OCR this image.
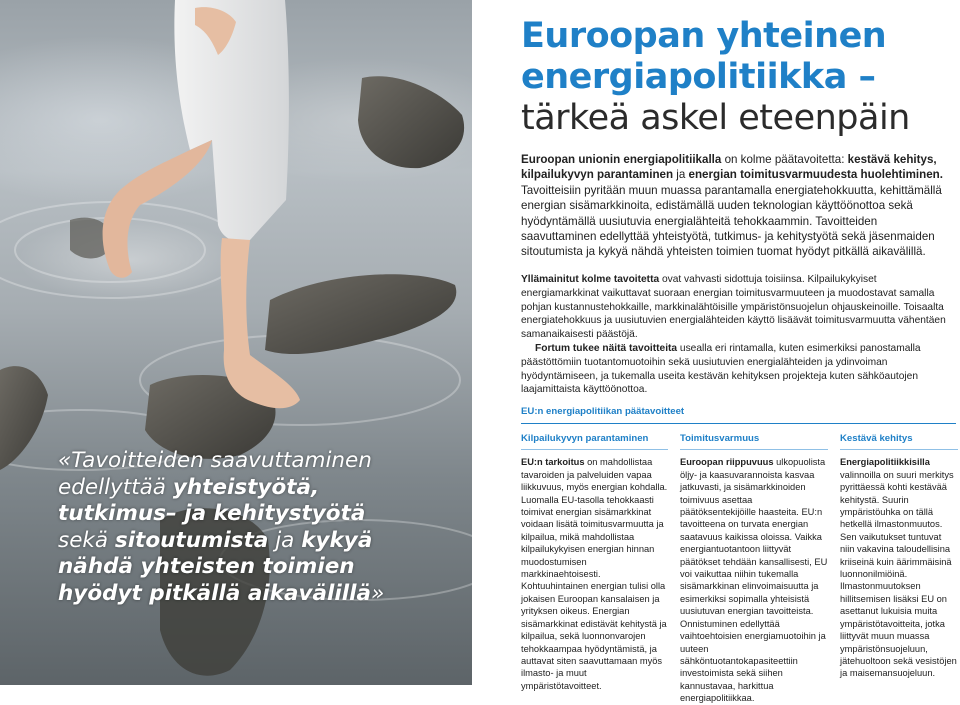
«Tavoitteiden saavuttaminen edellyttää yhteistyötä, tutkimus– ja kehitystyötä sekä sitoutumista ja kykyä nähdä yhteisten toimien hyödyt pitkällä aikavälillä»
Euroopan yhteinen
energiapolitiikka –
tärkeä askel eteenpäin
Euroopan unionin energiapolitiikalla on kolme päätavoitetta: kestävä kehitys, kilpailukyvyn parantaminen ja energian toimitusvarmuudesta huolehtiminen. Tavoitteisiin pyritään muun muassa parantamalla energiatehokkuutta, kehittämällä energian sisämarkkinoita, edistämällä uuden teknologian käyttöönottoa sekä hyödyntämällä uusiutuvia energialähteitä tehokkaammin. Tavoitteiden saavuttaminen edellyttää yhteistyötä, tutkimus- ja kehitystyötä sekä jäsenmaiden sitoutumista ja kykyä nähdä yhteisten toimien tuomat hyödyt pitkällä aikavälillä.

Yllämainitut kolme tavoitetta ovat vahvasti sidottuja toisiinsa. Kilpailukykyiset energiamarkkinat vaikuttavat suoraan energian toimitusvarmuuteen ja muodostavat samalla pohjan kustannustehokkaille, markkinalähtöisille ympäristönsuojelun ohjauskeinoille. Toisaalta energiatehokkuus ja uusiutuvien energialähteiden käyttö lisäävät toimitusvarmuutta vähentäen samanaikaisesti päästöjä.

Fortum tukee näitä tavoitteita usealla eri rintamalla, kuten esimerkiksi panostamalla päästöttömiin tuotantomuotoihin sekä uusiutuvien energialähteiden ja ydinvoiman hyödyntämiseen, ja tukemalla useita kestävän kehityksen projekteja kuten sähköautojen laajamittaista käyttöönottoa.

EU:n energiapolitiikan päätavoitteet
Kilpailukyvyn parantaminen
EU:n tarkoitus on mahdollistaa tavaroiden ja palveluiden vapaa liikkuvuus, myös energian kohdalla. Luomalla EU-tasolla tehokkaasti toimivat energian sisämarkkinat voidaan lisätä toimitusvarmuutta ja kilpailua, mikä mahdollistaa kilpailukykyisen energian hinnan muodostumisen markkinaehtoisesti. Kohtuuhintainen energian tulisi olla jokaisen Euroopan kansalaisen ja yrityksen oikeus. Energian sisämarkkinat edistävät kehitystä ja kilpailua, sekä luonnonvarojen tehokkaampaa hyödyntämistä, ja auttavat siten saavuttamaan myös ilmasto- ja muut ympäristötavoitteet.
Toimitusvarmuus
Euroopan riippuvuus ulkopuolista öljy- ja kaasuvarannoista kasvaa jatkuvasti, ja sisämarkkinoiden toimivuus asettaa päätöksentekijöille haasteita. EU:n tavoitteena on turvata energian saatavuus kaikissa oloissa. Vaikka energiantuotantoon liittyvät päätökset tehdään kansallisesti, EU voi vaikuttaa niihin tukemalla sisämarkkinan elinvoimaisuutta ja esimerkiksi sopimalla yhteisistä uusiutuvan energian tavoitteista. Onnistuminen edellyttää vaihtoehtoisien energiamuotoihin ja uuteen sähköntuotantokapasiteettiin investoimista sekä siihen kannustavaa, harkittua energiapolitiikkaa.
Kestävä kehitys
Energiapolitiikkisilla valinnoilla on suuri merkitys pyrittäessä kohti kestävää kehitystä. Suurin ympäristöuhka on tällä hetkellä ilmastonmuutos. Sen vaikutukset tuntuvat niin vakavina taloudellisina kriiseinä kuin äärimmäisinä luonnonilmiöinä. Ilmastonmuutoksen hillitsemisen lisäksi EU on asettanut lukuisia muita ympäristötavoitteita, jotka liittyvät muun muassa ympäristönsuojeluun, jätehuoltoon sekä vesistöjen ja maisemansuojeluun.
